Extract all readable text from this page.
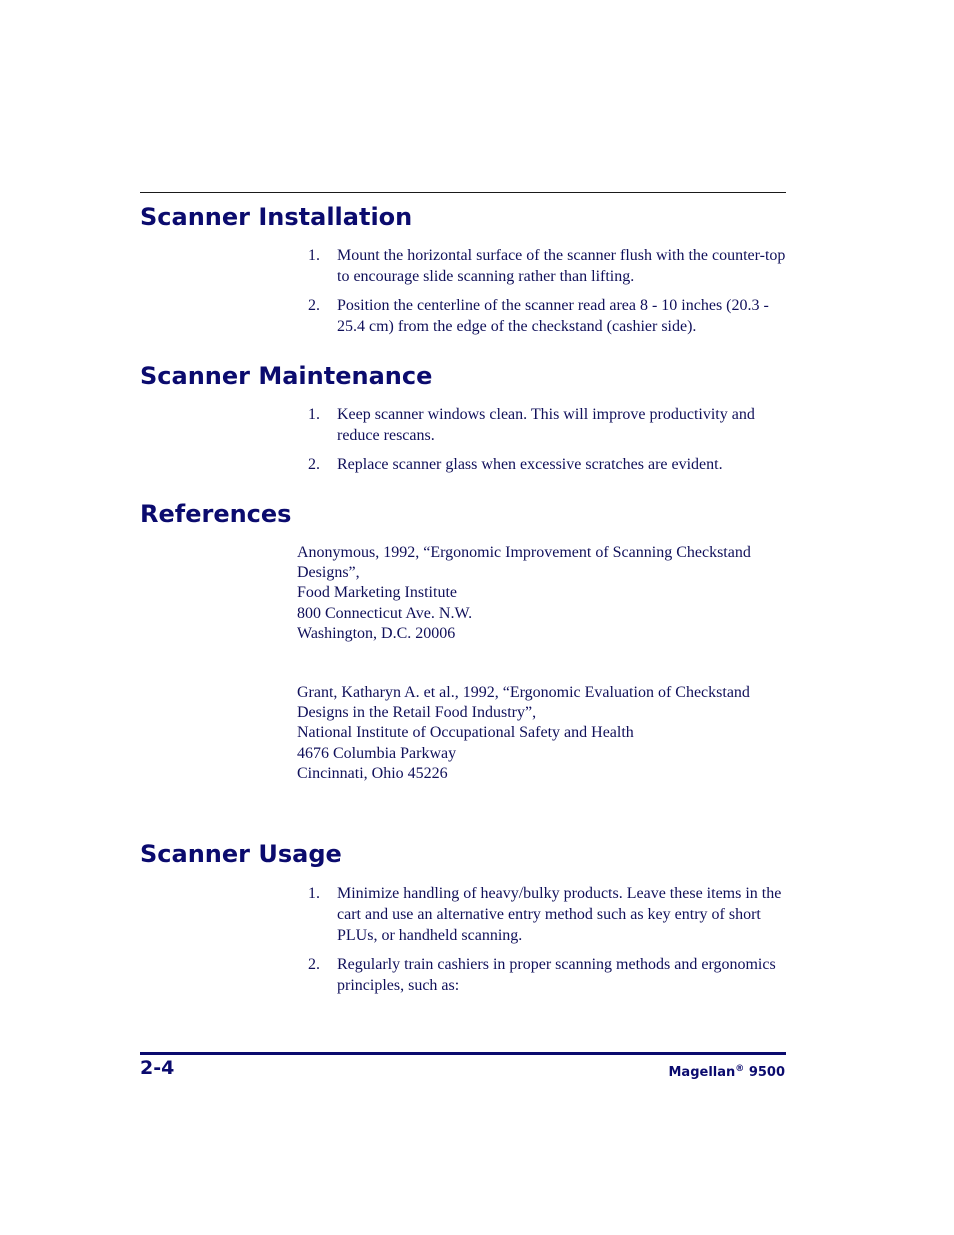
Scanner Installation
1. Mount the horizontal surface of the scanner flush with the counter-top to encourage slide scanning rather than lifting.
2. Position the centerline of the scanner read area 8 - 10 inches (20.3 - 25.4 cm) from the edge of the checkstand (cashier side).
Scanner Maintenance
1. Keep scanner windows clean. This will improve productivity and reduce rescans.
2. Replace scanner glass when excessive scratches are evident.
References
Anonymous, 1992, “Ergonomic Improvement of Scanning Checkstand Designs”,
Food Marketing Institute
800 Connecticut Ave. N.W.
Washington, D.C. 20006
Grant, Katharyn A. et al., 1992, “Ergonomic Evaluation of Checkstand Designs in the Retail Food Industry”,
National Institute of Occupational Safety and Health
4676 Columbia Parkway
Cincinnati, Ohio 45226
Scanner Usage
1. Minimize handling of heavy/bulky products. Leave these items in the cart and use an alternative entry method such as key entry of short PLUs, or handheld scanning.
2. Regularly train cashiers in proper scanning methods and ergonomics principles, such as:
2-4	Magellan® 9500
